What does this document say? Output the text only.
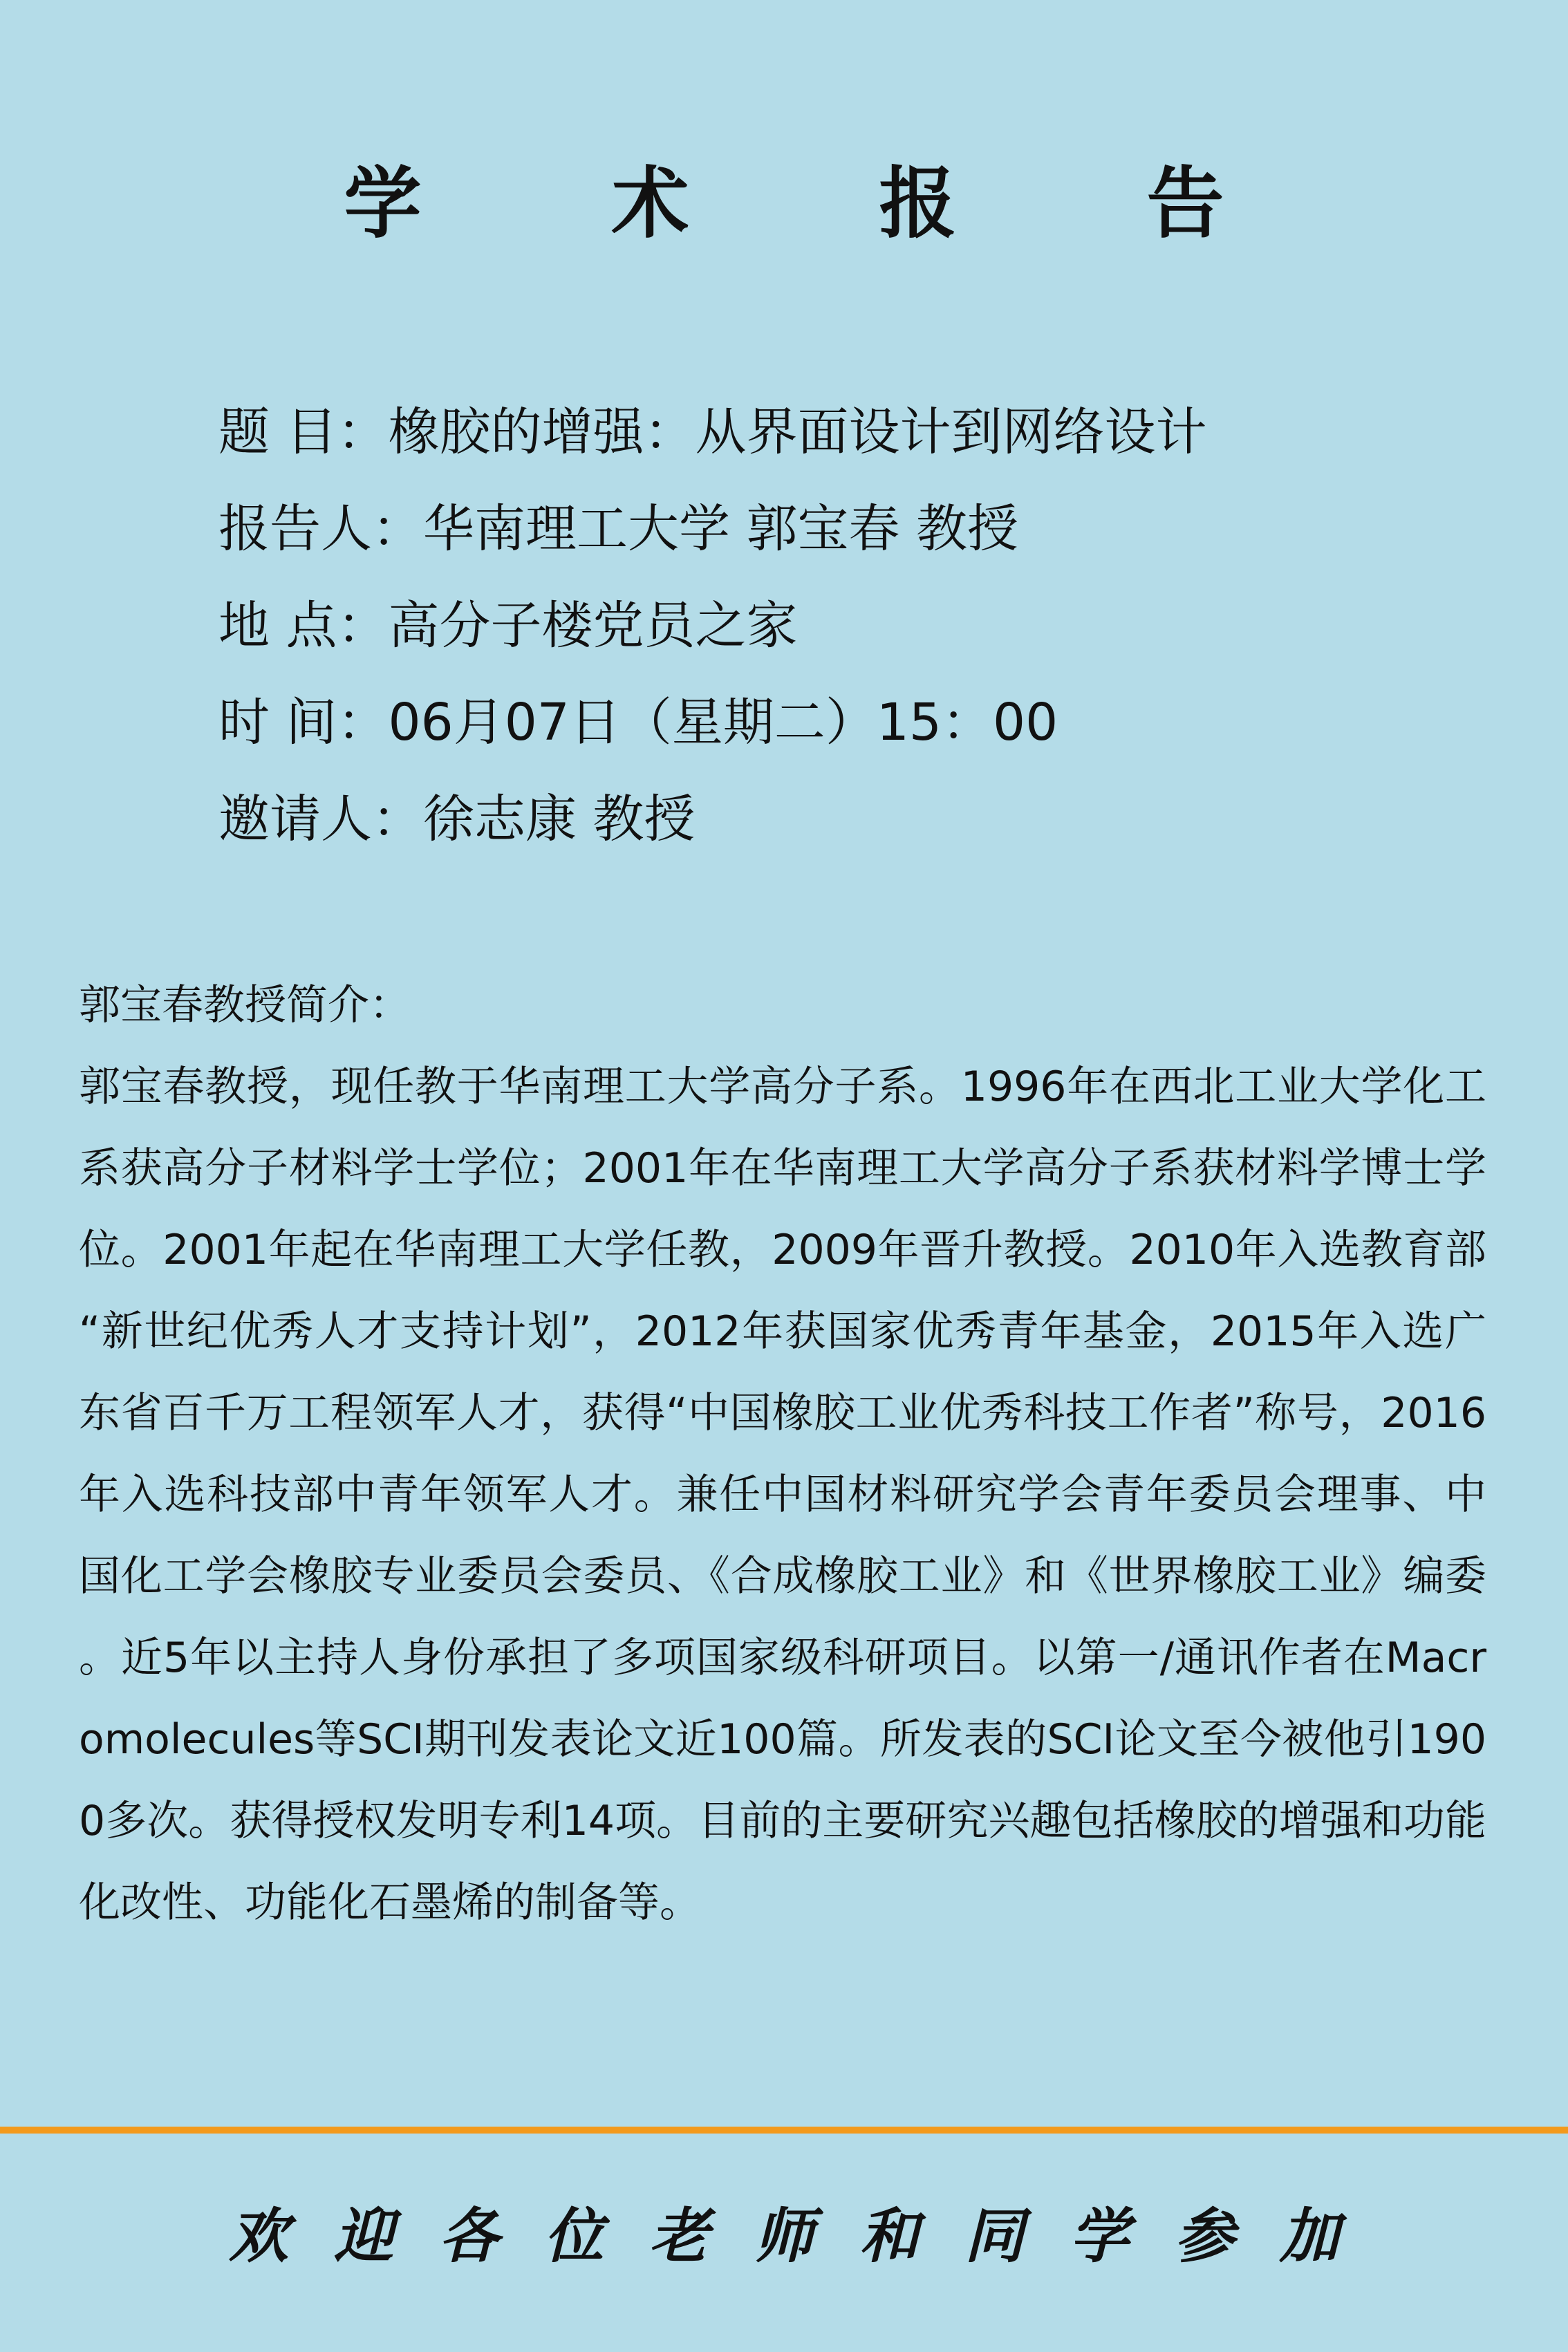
学 术 报 告
题 目：橡胶的增强：从界面设计到网络设计
报告人：华南理工大学 郭宝春 教授
地 点：高分子楼党员之家
时 间：06月07日（星期二）15：00
邀请人：徐志康 教授
郭宝春教授简介：
郭宝春教授，现任教于华南理工大学高分子系。1996年在西北工业大学化工系获高分子材料学士学位；2001年在华南理工大学高分子系获材料学博士学位。2001年起在华南理工大学任教，2009年晋升教授。2010年入选教育部“新世纪优秀人才支持计划”，2012年获国家优秀青年基金，2015年入选广东省百千万工程领军人才，获得“中国橡胶工业优秀科技工作者”称号，2016年入选科技部中青年领军人才。兼任中国材料研究学会青年委员会理事、中国化工学会橡胶专业委员会委员、《合成橡胶工业》和《世界橡胶工业》编委。近5年以主持人身份承担了多项国家级科研项目。以第一/通讯作者在Macromolecules等SCI期刊发表论文近100篇。所发表的SCI论文至今被他引1900多次。获得授权发明专利14项。目前的主要研究兴趣包括橡胶的增强和功能化改性、功能化石墨烯的制备等。
欢迎各位老师和同学参加
